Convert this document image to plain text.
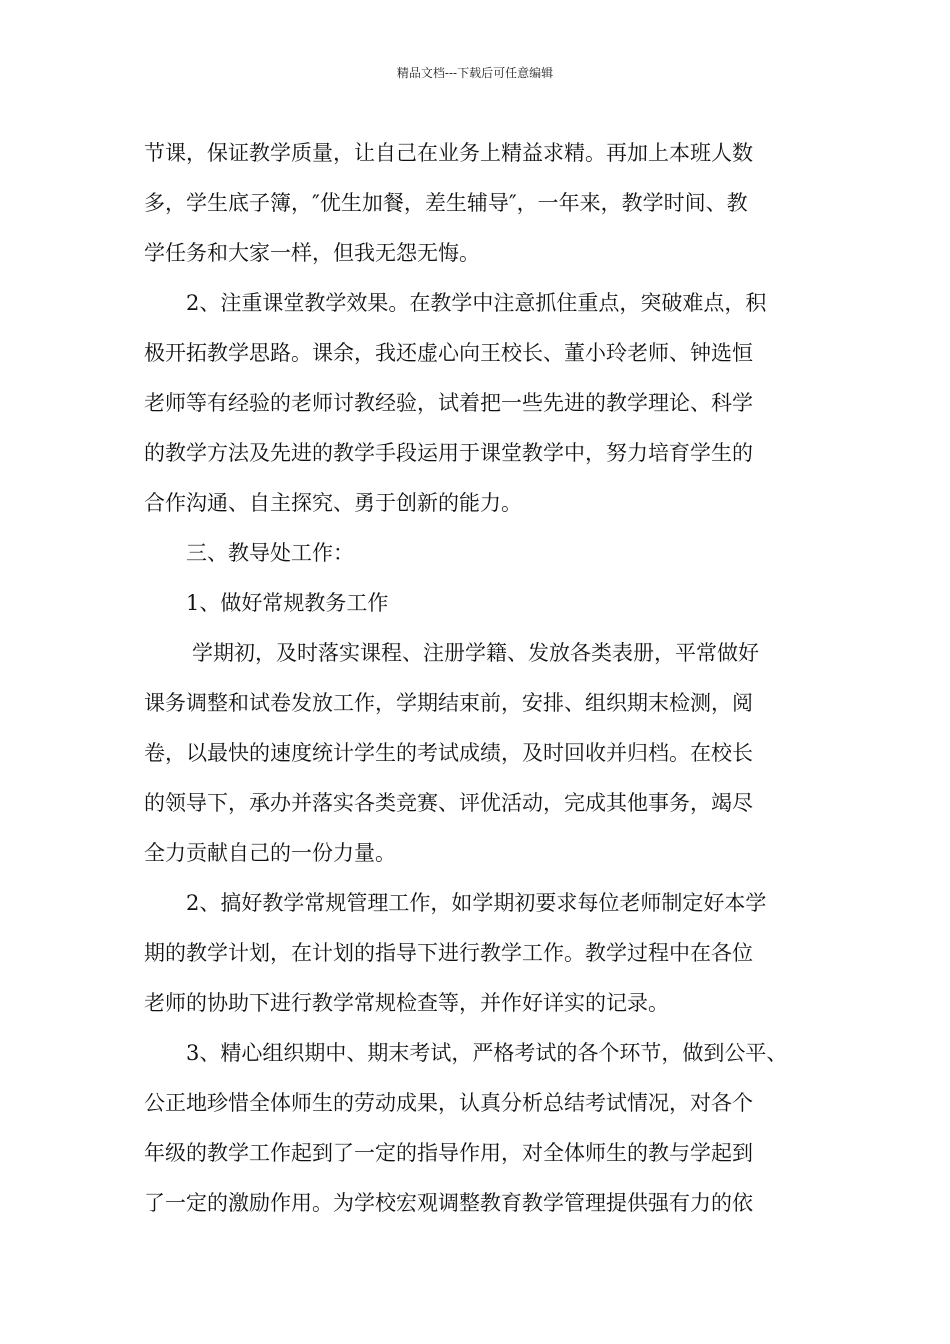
精品文档---下载后可任意编辑
节课，保证教学质量，让自己在业务上精益求精。再加上本班人数
多，学生底子簿，″优生加餐，差生辅导″，一年来，教学时间、教
学任务和大家一样，但我无怨无悔。
2、注重课堂教学效果。在教学中注意抓住重点，突破难点，积
极开拓教学思路。课余，我还虚心向王校长、董小玲老师、钟选恒
老师等有经验的老师讨教经验，试着把一些先进的教学理论、科学
的教学方法及先进的教学手段运用于课堂教学中，努力培育学生的
合作沟通、自主探究、勇于创新的能力。
三、教导处工作：
1、做好常规教务工作
学期初，及时落实课程、注册学籍、发放各类表册，平常做好
课务调整和试卷发放工作，学期结束前，安排、组织期末检测，阅
卷，以最快的速度统计学生的考试成绩，及时回收并归档。在校长
的领导下，承办并落实各类竞赛、评优活动，完成其他事务，竭尽
全力贡献自己的一份力量。
2、搞好教学常规管理工作，如学期初要求每位老师制定好本学
期的教学计划，在计划的指导下进行教学工作。教学过程中在各位
老师的协助下进行教学常规检查等，并作好详实的记录。
3、精心组织期中、期末考试，严格考试的各个环节，做到公平、
公正地珍惜全体师生的劳动成果，认真分析总结考试情况，对各个
年级的教学工作起到了一定的指导作用，对全体师生的教与学起到
了一定的激励作用。为学校宏观调整教育教学管理提供强有力的依
